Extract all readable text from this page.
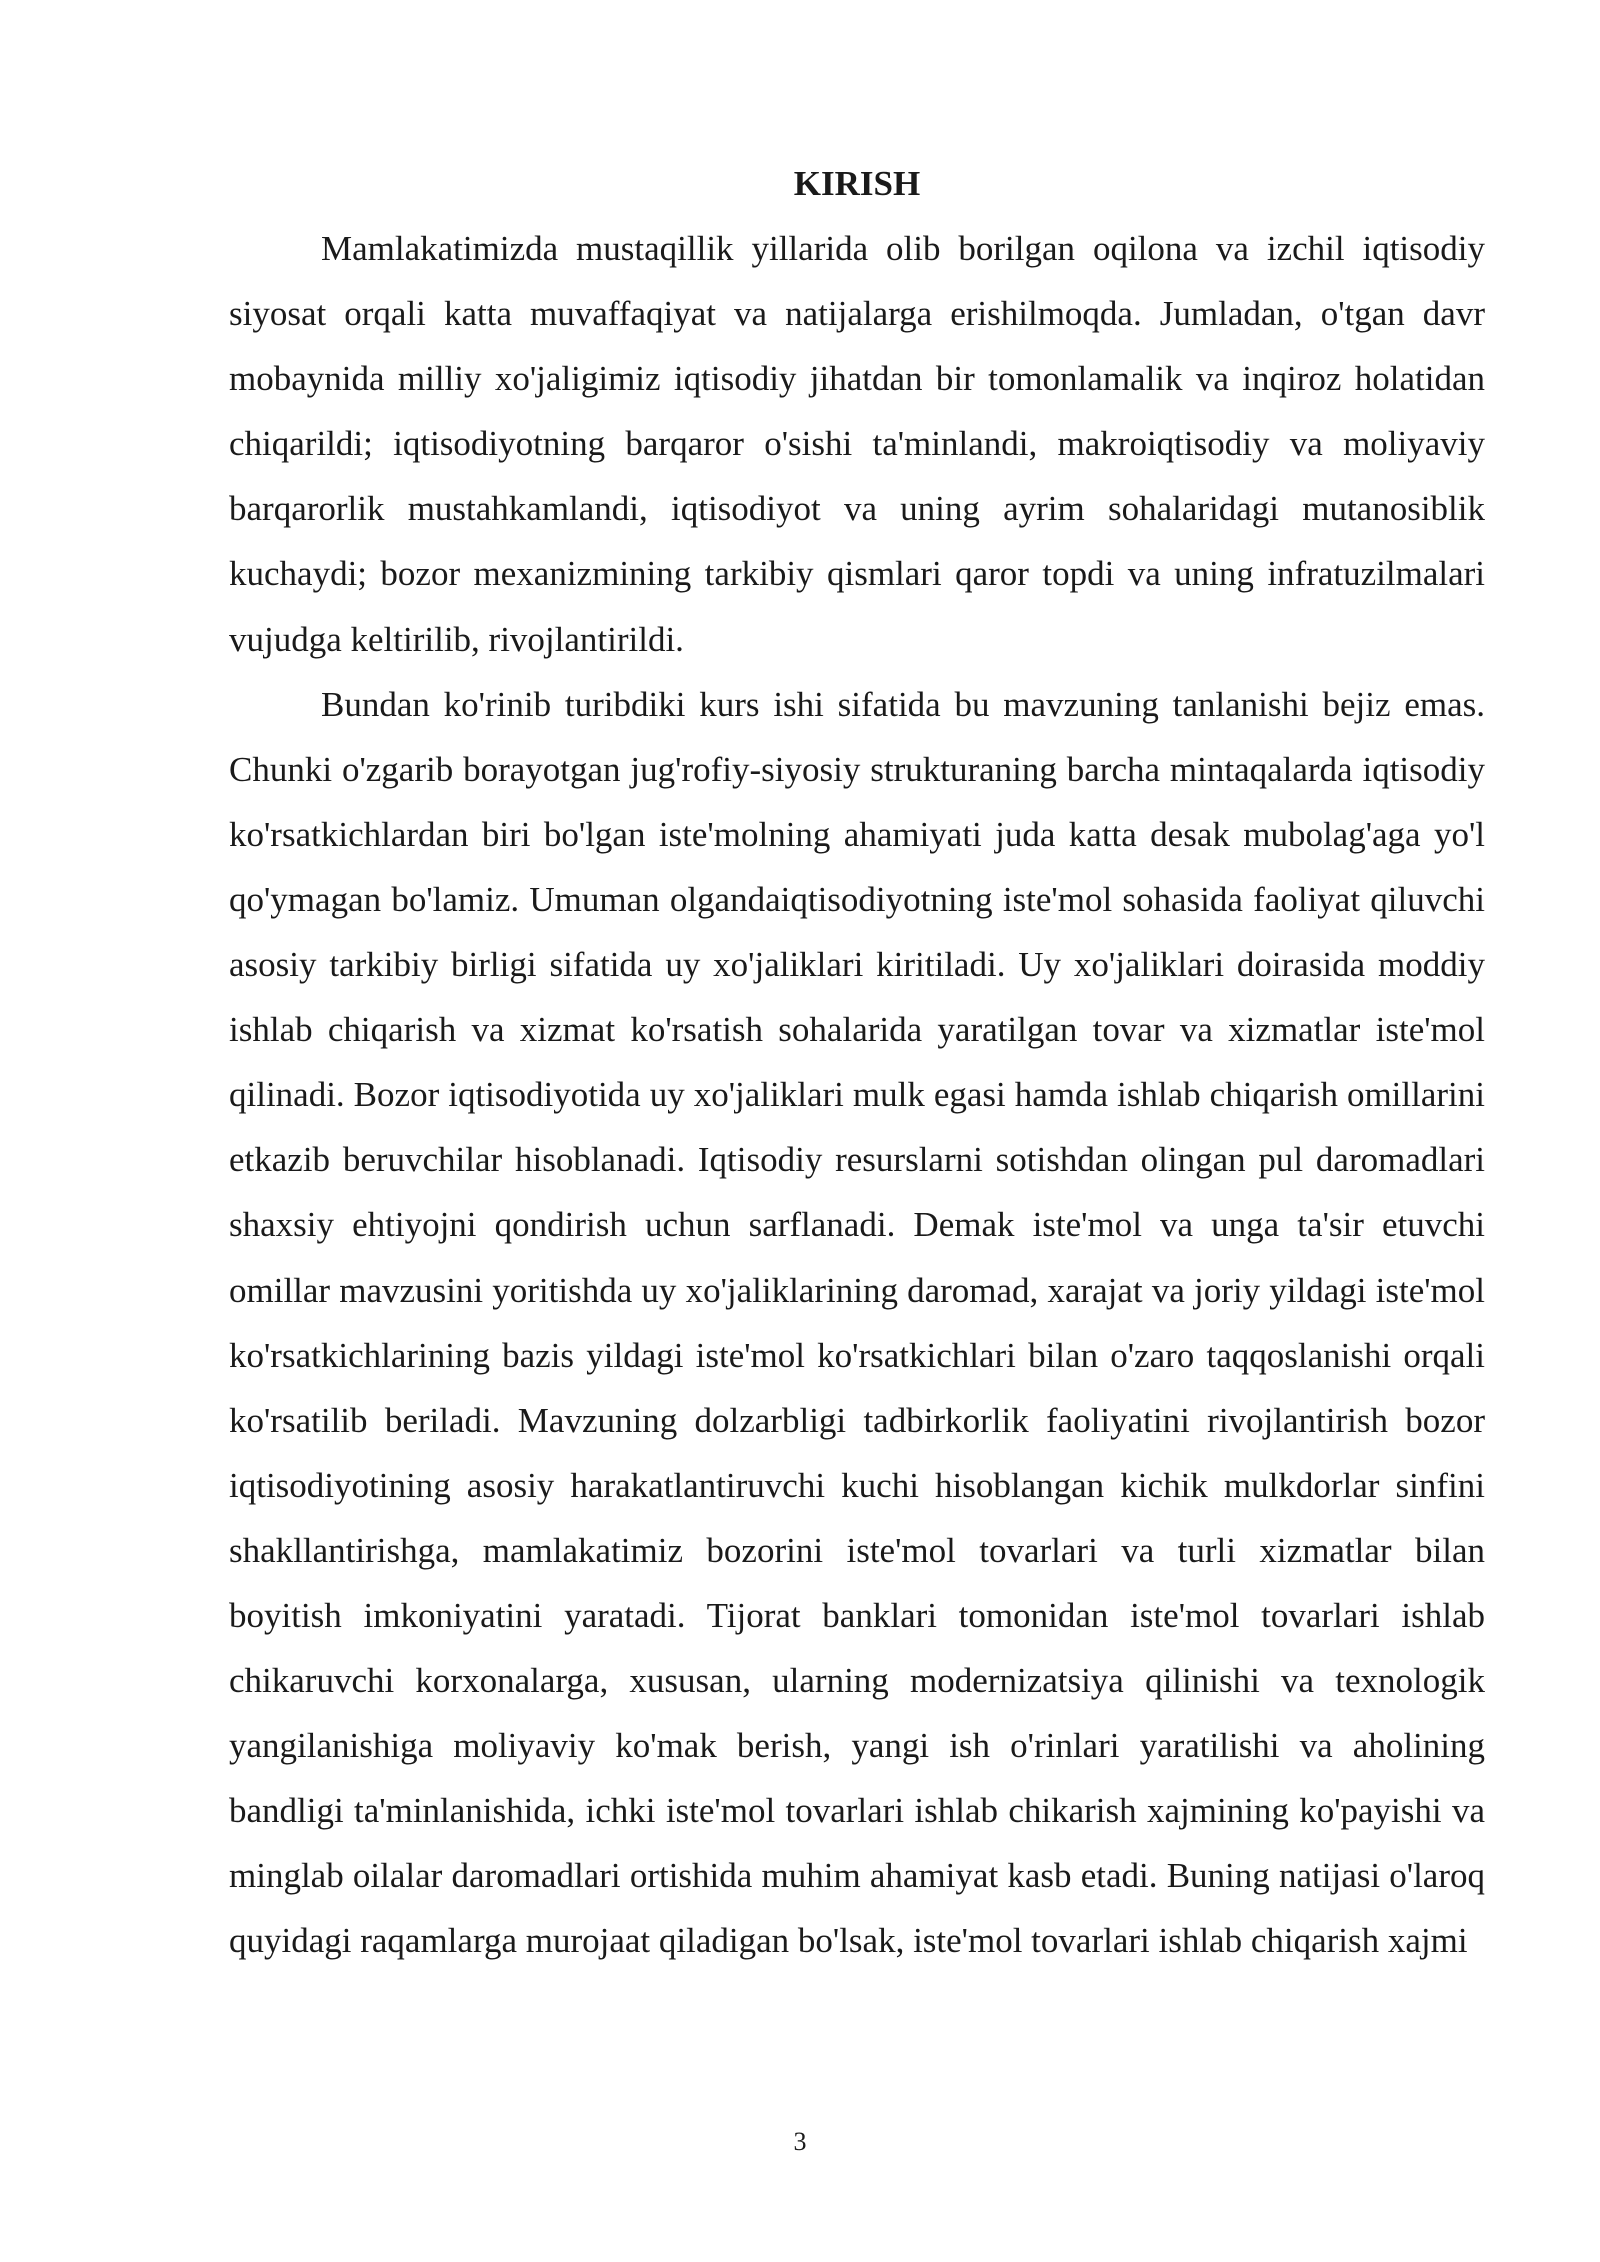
KIRISH

Mamlakatimizda mustaqillik yillarida olib borilgan oqilona va izchil iqtisodiy siyosat orqali katta muvaffaqiyat va natijalarga erishilmoqda. Jumladan, o'tgan davr mobaynida milliy xo'jaligimiz iqtisodiy jihatdan bir tomonlamalik va inqiroz holatidan chiqarildi; iqtisodiyotning barqaror o'sishi ta'minlandi, makroiqtisodiy va moliyaviy barqarorlik mustahkamlandi, iqtisodiyot va uning ayrim sohalaridagi mutanosiblik kuchaydi; bozor mexanizmining tarkibiy qismlari qaror topdi va uning infratuzilmalari vujudga keltirilib, rivojlantirildi.

Bundan ko'rinib turibdiki kurs ishi sifatida bu mavzuning tanlanishi bejiz emas. Chunki o'zgarib borayotgan jug'rofiy-siyosiy strukturaning barcha mintaqalarda iqtisodiy ko'rsatkichlardan biri bo'lgan iste'molning ahamiyati juda katta desak mubolag'aga yo'l qo'ymagan bo'lamiz. Umuman olgandaiqtisodiyotning iste'mol sohasida faoliyat qiluvchi asosiy tarkibiy birligi sifatida uy xo'jaliklari kiritiladi. Uy xo'jaliklari doirasida moddiy ishlab chiqarish va xizmat ko'rsatish sohalarida yaratilgan tovar va xizmatlar iste'mol qilinadi. Bozor iqtisodiyotida uy xo'jaliklari mulk egasi hamda ishlab chiqarish omillarini etkazib beruvchilar hisoblanadi. Iqtisodiy resurslarni sotishdan olingan pul daromadlari shaxsiy ehtiyojni qondirish uchun sarflanadi. Demak iste'mol va unga ta'sir etuvchi omillar mavzusini yoritishda uy xo'jaliklarining daromad, xarajat va joriy yildagi iste'mol ko'rsatkichlarining bazis yildagi iste'mol ko'rsatkichlari bilan o'zaro taqqoslanishi orqali ko'rsatilib beriladi. Mavzuning dolzarbligi tadbirkorlik faoliyatini rivojlantirish bozor iqtisodiyotining asosiy harakatlantiruvchi kuchi hisoblangan kichik mulkdorlar sinfini shakllantirishga, mamlakatimiz bozorini iste'mol tovarlari va turli xizmatlar bilan boyitish imkoniyatini yaratadi. Tijorat banklari tomonidan iste'mol tovarlari ishlab chikaruvchi korxonalarga, xususan, ularning modernizatsiya qilinishi va texnologik yangilanishiga moliyaviy ko'mak berish, yangi ish o'rinlari yaratilishi va aholining bandligi ta'minlanishida, ichki iste'mol tovarlari ishlab chikarish xajmining ko'payishi va minglab oilalar daromadlari ortishida muhim ahamiyat kasb etadi. Buning natijasi o'laroq quyidagi raqamlarga murojaat qiladigan bo'lsak, iste'mol tovarlari ishlab chiqarish xajmi

3
